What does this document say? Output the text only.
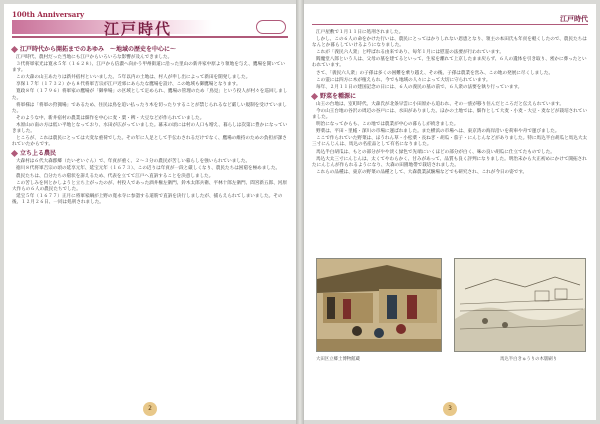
100th Anniversary
江戸時代
江戸時代から開拓までのあゆみ　〜地域の歴史を中心に〜

江戸時代、農村だった当地にも江戸からいろいろな影響が及んできました。

３代将軍家光は寛永５年（１６２８）、江戸から信濃へ向かう甲州街道に沿った里山の新井家中原より領地を与え、鷹場を開いています。

この大森の山王あたりは新井宿村といいました。５年以内の土地は、村人が申し出によって新田を開発しました。

享保１７年（１７３２）から８代将軍吉宗が江戸近郊にあらたな鷹場を設け、この地域も御鷹場となります。

寛政８年（１７９６）将軍家の鷹場が「御拳場」の区域として定められ、鷹場の管理のため「鳥見」という役人が村々を巡回しました。

将軍様は「将軍の狩猟場」であるため、住民は鳥を追い払ったり木を切ったりすることが禁じられるなど厳しい規制を受けていました。

そのような中、新井宿村の農業は畑作を中心に麦・粟・稗・大豆などが作られていました。

木原山の南の方は低い平地となっており、水田が広がっていました。幕末の頃には村の人口も増え、暮らしは次第に豊かになっていきました。

ところが、これは農民にとっては大変な重荷でした。その年に人足として手伝わされるだけでなく、鷹場の維持のための負担が課されていたからです。

立ち上る農民

大森村は６代大森郡郷（たいせいぐん）で、年貢が重く、２〜３分の農民が苦しい暮らしを強いられていました。

徳川８代将軍吉宗の頃の延享元年、延宝元年（１６７３）、この辺りは年貢が一段と厳しくなり、農民たちは困窮を極めました。

農民たちは、自分たちの窮状を訴えるため、代表を立てて江戸へ直訴することを決意しました。

この苦しみを何とかしようと立ち上がったのが、村役人であった酒井権左衛門、鈴木太郎兵衛、平林十郎左衛門、間宮新五郎、河原大作らの６人の農民たちでした。

延宝５年（１６７７）正月に将軍家綱が上野の寛永寺に参詣する道筋で直訴を決行しましたが、捕らえられてしまいました。その後、１２月２６日、一同は処刑されました。

2
江戸時代

江戸屋敷で１月１１日に処刑されました。

しかし、この６人の命をかけた行いは、農民にとってはかりしれない恩恵となり、領主の本田氏も年貢を軽くしたので、農民たちはなんとか暮らしていけるようになりました。

これが「義民六人衆」と呼ばれる由来であり、毎年１月には慰霊の法要が行われています。

閻魔堂八郎という人は、父母の墓を建てるといって、生家を離れて上京したまま戻らず、６人の遺体を引き取り、密かに葬ったといわれています。

さて、「義民六人衆」の子孫は多くの困難を乗り越え、その後、子孫は農業を営み、この地の発展に尽くしました。

この霊には四方に木が植えられ、今でも地域の人々によって大切に守られています。

毎年、２月１１日の建国記念の日には、６人の義民の墓の前で、６人衆の法要を執り行っています。

野菜を種源に

山王の台地は、室町時代、大森氏が北条早雲に小田原から追われ、その一族が移り住んだところだと伝えられています。

今の山王台地の谷沢の周辺の谷戸には、水田がありました。ほかの土地では、畑作として大麦・小麦・大豆・麦などが栽培されていました。

明治になってからも、この地では農業が中心の暮らしが続きました。

野菜は、平田・里帳・深川の市場に運ばれました。また横浜の市場へは、東京湾の海岸沿いを荷車や舟で運びました。

ここで作られていた野菜は、ほうれん草・小松菜・長ねぎ・胡瓜・茄子・にんじんなどがありました。特に馬込半白胡瓜と馬込大太三寸にんじんは、馬込の名産品として有名になりました。

馬込半白胡瓜は、もとの部分がやや淡く緑色で先端にいくほどの部分が白く、味の良い胡瓜に仕立てたものでした。

馬込大太三寸にんじんは、太くてやわらかく、甘みがあって、品質も良く評判になりました。明治末から大正初めにかけて開拓されたにんじんが作られるようになり、大森の田園地帯で栽培されました。

これらの品種は、東京の野菜の品種として、大森農業試験場などでも研究され、これが今日の姿です。

大田区立郷土博物館蔵	馬込半白きゅうりの木版刷り
3
